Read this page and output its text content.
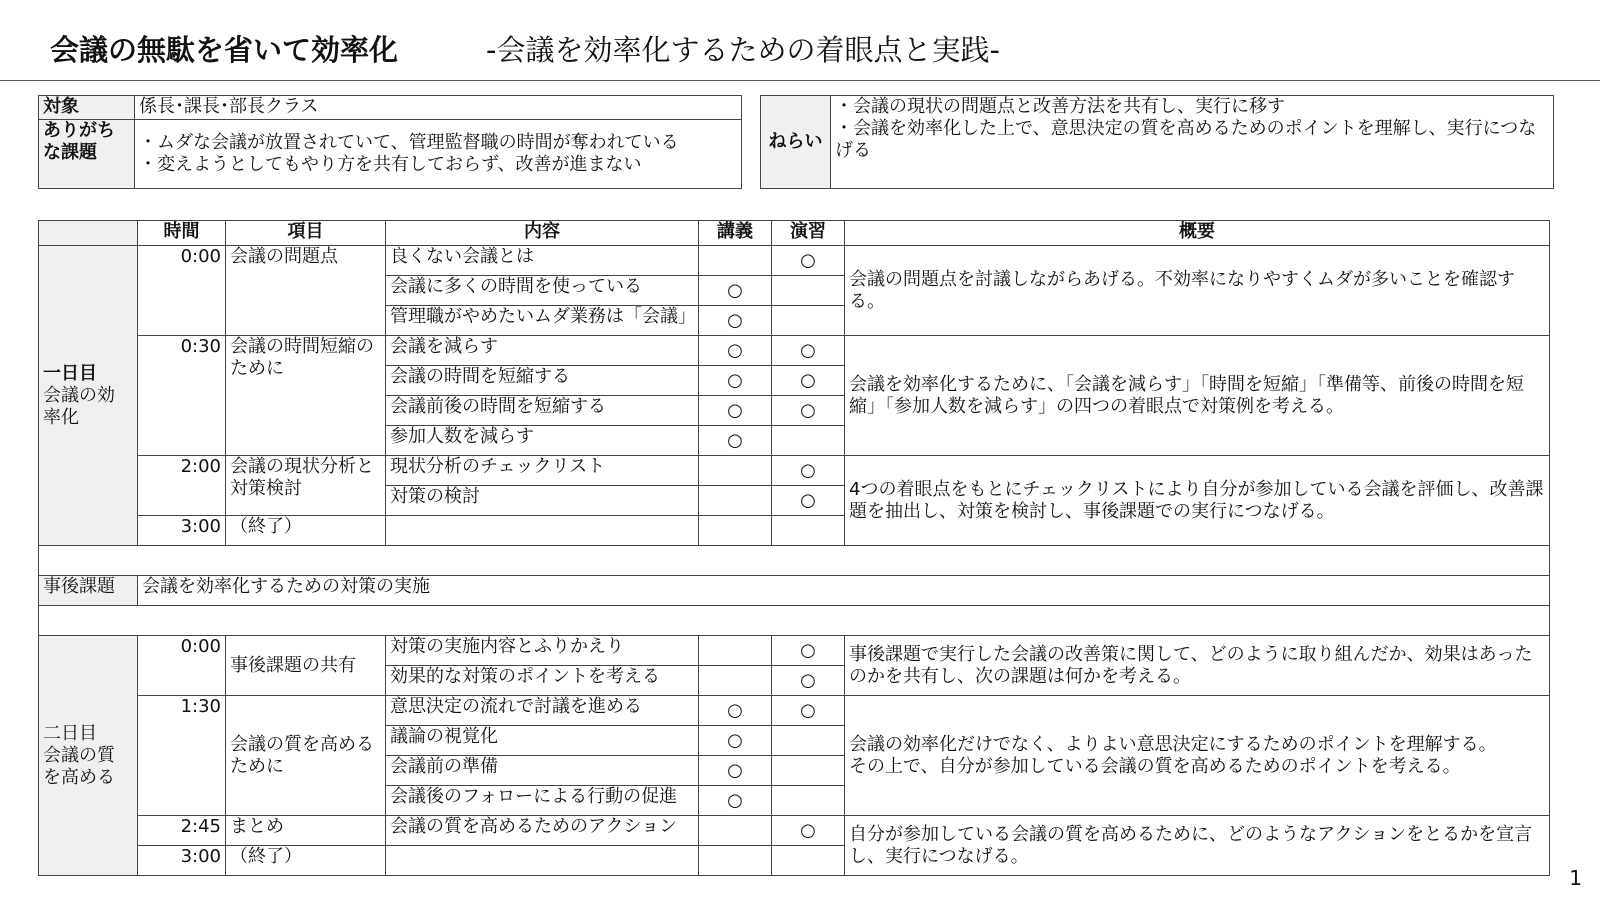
会議の無駄を省いて効率化	-会議を効率化するための着眼点と実践-
対象	係長･課長･部長クラス
ありがちな課題	・ムダな会議が放置されていて、管理監督職の時間が奪われている
・変えようとしてもやり方を共有しておらず、改善が進まない
ねらい	
・会議の現状の問題点と改善方法を共有し、実行に移す
・会議を効率化した上で、意思決定の質を高めるためのポイントを理解し、実行につなげる
	時間	項目	内容	講義	演習	概要

一日目
会議の効率化	0:00	会議の問題点	良くない会議とは		○	会議の問題点を討議しながらあげる。不効率になりやすくムダが多いことを確認する。
			会議に多くの時間を使っている	○		
			管理職がやめたいムダ業務は「会議」	○		
	0:30	会議の時間短縮のために	会議を減らす	○	○	会議を効率化するために、「会議を減らす」「時間を短縮」「準備等、前後の時間を短縮」「参加人数を減らす」の四つの着眼点で対策例を考える。
			会議の時間を短縮する	○	○	
			会議前後の時間を短縮する	○	○	
			参加人数を減らす	○		
	2:00	会議の現状分析と対策検討	現状分析のチェックリスト		○	4つの着眼点をもとにチェックリストにより自分が参加している会議を評価し、改善課題を抽出し、対策を検討し、事後課題での実行につなげる。
			対策の検討		○	
	3:00	（終了）				

事後課題	会議を効率化するための対策の実施					

二日目
会議の質を高める	0:00	事後課題の共有	対策の実施内容とふりかえり		○	事後課題で実行した会議の改善策に関して、どのように取り組んだか、効果はあったのかを共有し、次の課題は何かを考える。
			効果的な対策のポイントを考える		○	
	1:30	会議の質を高めるために	意思決定の流れで討議を進める	○	○	会議の効率化だけでなく、よりよい意思決定にするためのポイントを理解する。
その上で、自分が参加している会議の質を高めるためのポイントを考える。

			議論の視覚化	○		
			会議前の準備	○		
			会議後のフォローによる行動の促進	○		
	2:45	まとめ	会議の質を高めるためのアクション		○	自分が参加している会議の質を高めるために、どのようなアクションをとるかを宣言し、実行につなげる。
	3:00	（終了）				
1
